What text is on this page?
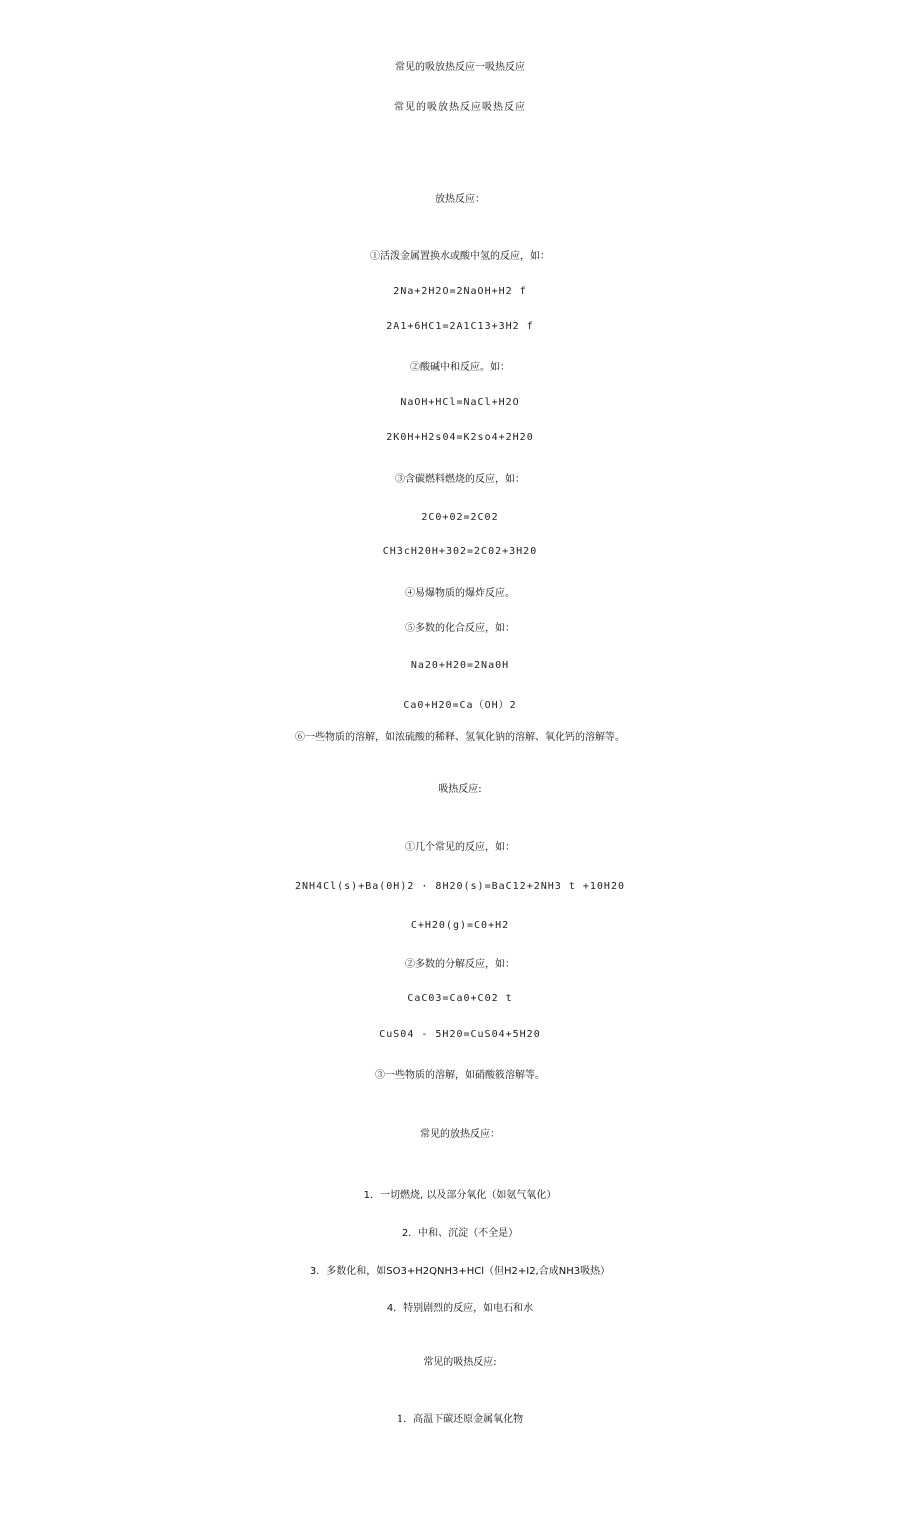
常见的吸放热反应一吸热反应
常见的吸放热反应吸热反应
放热反应：
①活泼金属置换水或酸中氢的反应，如：
2Na+2H2O=2NaOH+H2 f
2A1+6HC1=2A1C13+3H2 f
②酸碱中和反应。如：
NaOH+HCl=NaCl+H2O
2K0H+H2s04=K2so4+2H20
③含碳燃料燃烧的反应，如：
2C0+02=2C02
CH3cH20H+302=2C02+3H20
④易爆物质的爆炸反应。
⑤多数的化合反应，如：
Na20+H20=2Na0H
Ca0+H20=Ca（OH）2
⑥一些物质的溶解，如浓硫酸的稀释、氢氧化钠的溶解、氧化钙的溶解等。
吸热反应:
①几个常见的反应，如：
2NH4Cl(s)+Ba(0H)2 · 8H20(s)=BaC12+2NH3 t +10H20
C+H20(g)=C0+H2
②多数的分解反应，如：
CaC03=Ca0+C02 t
CuS04 - 5H20=CuS04+5H20
③一些物质的溶解，如硝酸筱溶解等。
常见的放热反应：
1．一切燃烧, 以及部分氧化（如氨气氧化）
2．中和、沉淀（不全是）
3．多数化和，如SO3+H2QNH3+HCl（但H2+I2,合成NH3吸热）
4．特别剧烈的反应，如电石和水
常见的吸热反应:
1．高温下碳还原金属氧化物
